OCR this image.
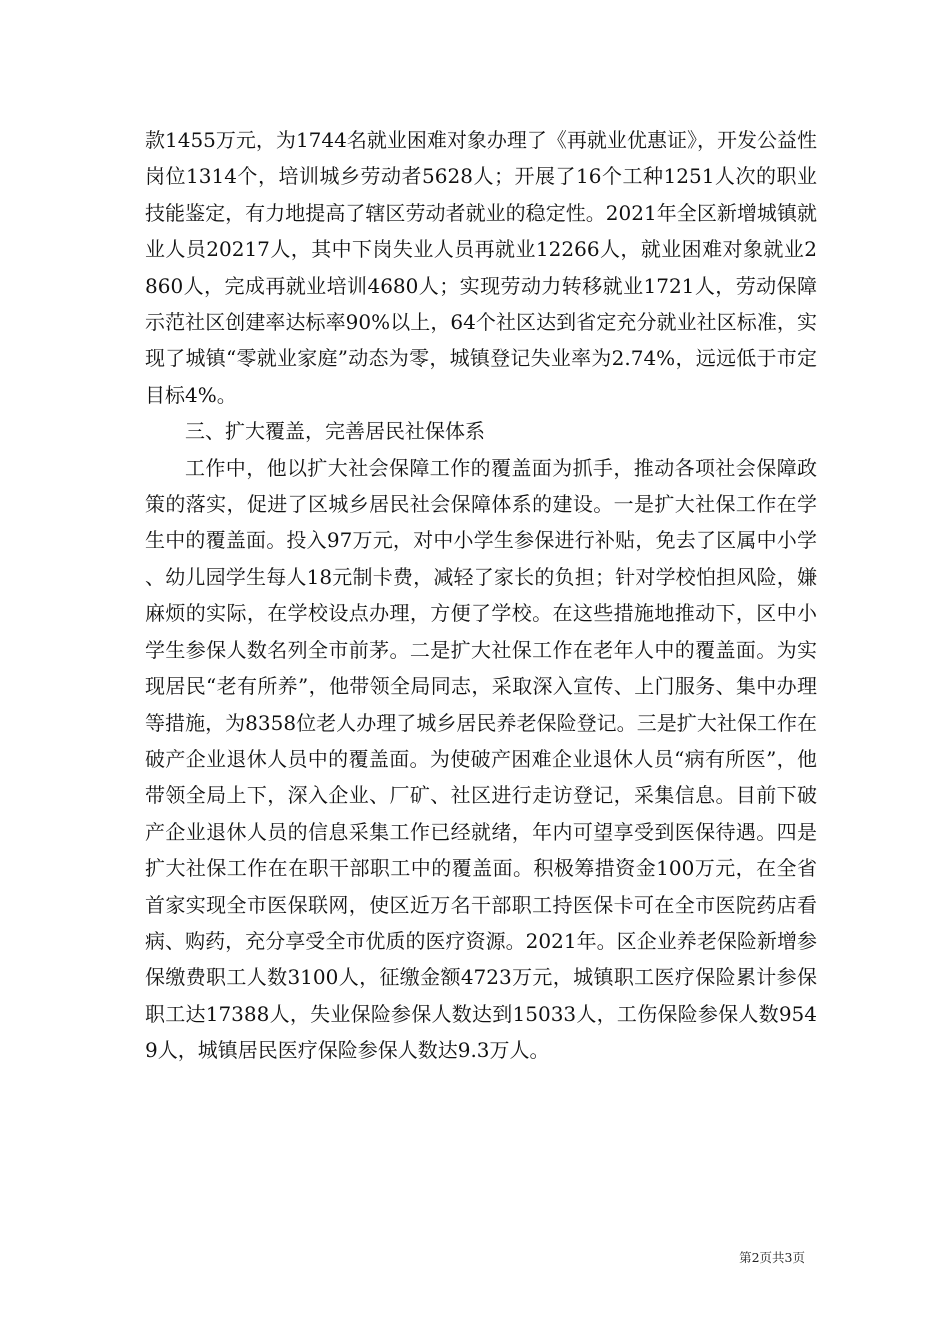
款1455万元，为1744名就业困难对象办理了《再就业优惠证》，开发公益性岗位1314个，培训城乡劳动者5628人；开展了16个工种1251人次的职业技能鉴定，有力地提高了辖区劳动者就业的稳定性。2021年全区新增城镇就业人员20217人，其中下岗失业人员再就业12266人，就业困难对象就业2860人，完成再就业培训4680人；实现劳动力转移就业1721人，劳动保障示范社区创建率达标率90%以上，64个社区达到省定充分就业社区标准，实现了城镇“零就业家庭”动态为零，城镇登记失业率为2.74%，远远低于市定目标4%。

三、扩大覆盖，完善居民社保体系

工作中，他以扩大社会保障工作的覆盖面为抓手，推动各项社会保障政策的落实，促进了区城乡居民社会保障体系的建设。一是扩大社保工作在学生中的覆盖面。投入97万元，对中小学生参保进行补贴，免去了区属中小学、幼儿园学生每人18元制卡费，减轻了家长的负担；针对学校怕担风险，嫌麻烦的实际，在学校设点办理，方便了学校。在这些措施地推动下，区中小学生参保人数名列全市前茅。二是扩大社保工作在老年人中的覆盖面。为实现居民“老有所养”，他带领全局同志，采取深入宣传、上门服务、集中办理等措施，为8358位老人办理了城乡居民养老保险登记。三是扩大社保工作在破产企业退休人员中的覆盖面。为使破产困难企业退休人员“病有所医”，他带领全局上下，深入企业、厂矿、社区进行走访登记，采集信息。目前下破产企业退休人员的信息采集工作已经就绪，年内可望享受到医保待遇。四是扩大社保工作在在职干部职工中的覆盖面。积极筹措资金100万元，在全省首家实现全市医保联网，使区近万名干部职工持医保卡可在全市医院药店看病、购药，充分享受全市优质的医疗资源。2021年。区企业养老保险新增参保缴费职工人数3100人，征缴金额4723万元，城镇职工医疗保险累计参保职工达17388人，失业保险参保人数达到15033人，工伤保险参保人数9549人，城镇居民医疗保险参保人数达9.3万人。

第2页共3页
